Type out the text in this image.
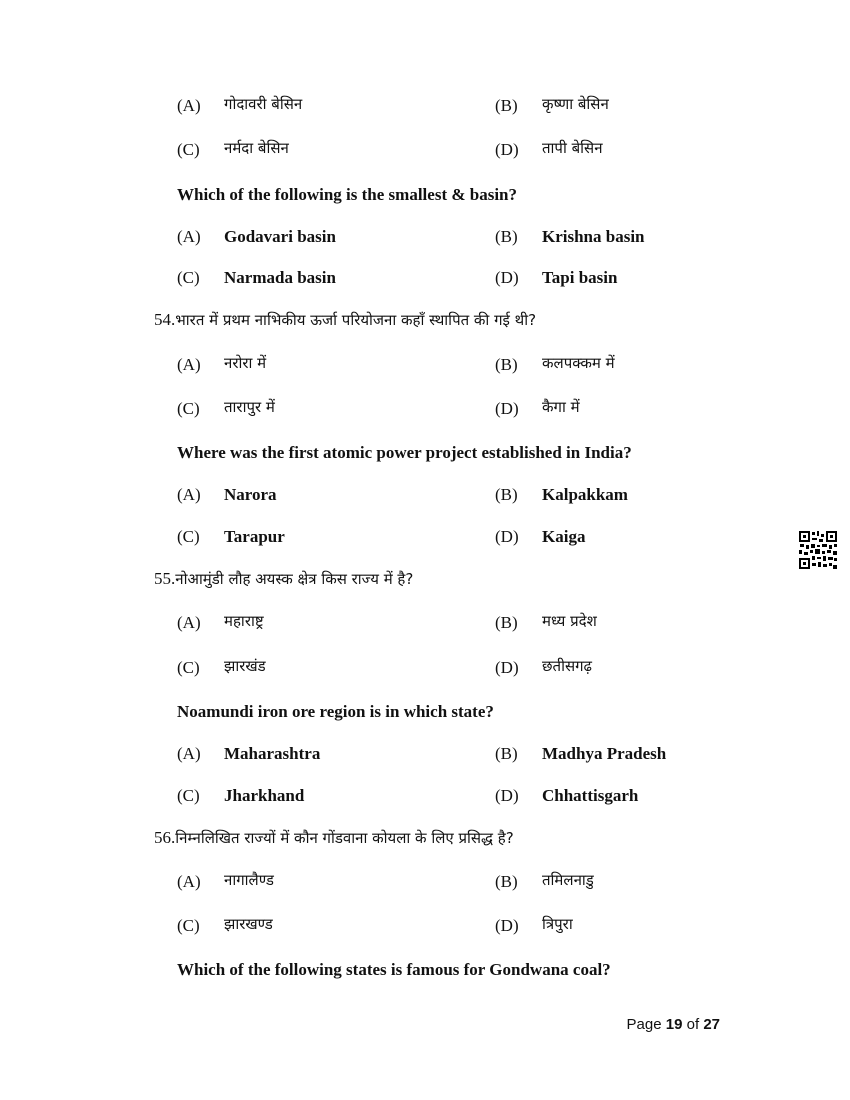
(A) गोदावरी बेसिन	(B) कृष्णा बेसिन
(C) नर्मदा बेसिन	(D) तापी बेसिन
Which of the following is the smallest & basin?
(A) Godavari basin	(B) Krishna basin
(C) Narmada basin	(D) Tapi basin
54.भारत में प्रथम नाभिकीय ऊर्जा परियोजना कहाँ स्थापित की गई थी?
(A) नरोरा में	(B) कलपक्कम में
(C) तारापुर में	(D) कैगा में
Where was the first atomic power project established in India?
(A) Narora	(B) Kalpakkam
(C) Tarapur	(D) Kaiga
55.नोआमुंडी लौह अयस्क क्षेत्र किस राज्य में है?
(A) महाराष्ट्र	(B) मध्य प्रदेश
(C) झारखंड	(D) छतीसगढ़
Noamundi iron ore region is in which state?
(A) Maharashtra	(B) Madhya Pradesh
(C) Jharkhand	(D) Chhattisgarh
56.निम्नलिखित राज्यों में कौन गोंडवाना कोयला के लिए प्रसिद्ध है?
(A) नागालैण्ड	(B) तमिलनाडु
(C) झारखण्ड	(D) त्रिपुरा
Which of the following states is famous for Gondwana coal?
Page 19 of 27
